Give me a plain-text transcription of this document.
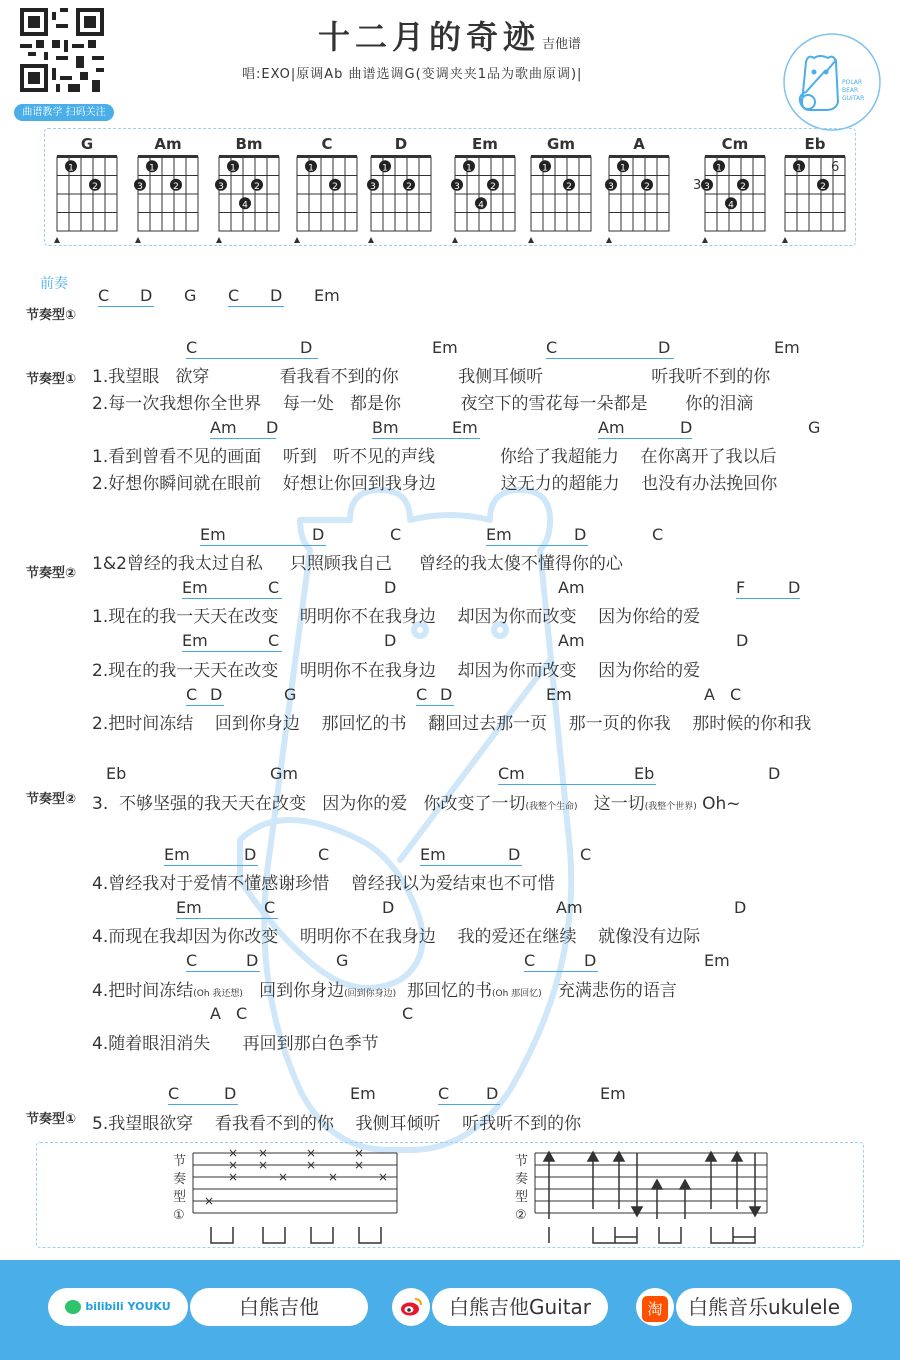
曲谱教学 扫码关注
十二月的奇迹 吉他谱
唱:EXO|原调Ab 曲谱选调G(变调夹夹1品为歌曲原调)|
POLAR
BEAR
GUITAR
G
1
2
Am
1
2
3
Bm
1
2
3
4
C
1
2
D
1
2
3
Em
1
2
3
4
Gm
1
2
A
1
2
3
Cm
3
1
2
3
4
Eb
6
1
2
前奏
节奏型①
节奏型①
节奏型②
节奏型②
节奏型①
1.我望眼   欲穿             看我看不到的你           我侧耳倾听                    听我听不到的你
2.每一次我想你全世界    每一处   都是你           夜空下的雪花每一朵都是       你的泪滴
1.看到曾看不见的画面    听到   听不见的声线            你给了我超能力    在你离开了我以后
2.好想你瞬间就在眼前    好想让你回到我身边            这无力的超能力    也没有办法挽回你
1&2曾经的我太过自私     只照顾我自己     曾经的我太傻不懂得你的心
1.现在的我一天天在改变    明明你不在我身边    却因为你而改变    因为你给的爱
2.现在的我一天天在改变    明明你不在我身边    却因为你而改变    因为你给的爱
2.把时间冻结    回到你身边    那回忆的书    翻回过去那一页    那一页的你我    那时候的你和我
3.  不够坚强的我天天在改变   因为你的爱   你改变了一切(我整个生命) 这一切(我整个世界) Oh~
4.曾经我对于爱情不懂感谢珍惜    曾经我以为爱结束也不可惜
4.而现在我却因为你改变    明明你不在我身边    我的爱还在继续    就像没有边际
4.把时间冻结(Oh 我还想) 回到你身边(回到你身边) 那回忆的书(Oh 那回忆) 充满悲伤的语言
4.随着眼泪消失      再回到那白色季节
5.我望眼欲穿    看我看不到的你    我侧耳倾听    听我听不到的你
C D G C D Em
C	D	Em	C	D	Em
Am D	Bm	Em	Am	D	G
Em	D	C	Em	D	C
Em	C	D	Am	F	D
Em	C	D	Am	D
C D	G	C D	Em	A C
Eb	Gm	Cm	Eb	D
Em	D	C	Em	D	C
Em	C	D	Am	D
C	D	G	C	D	Em
A C	C
C	D	Em	C D	Em
节
奏
型
①
×
×
×
×	×
×
×
×
×
×
×
×
×
节
奏
型
②
bilibili YOUKU	白熊吉他	白熊吉他Guitar	淘	白熊音乐ukulele
